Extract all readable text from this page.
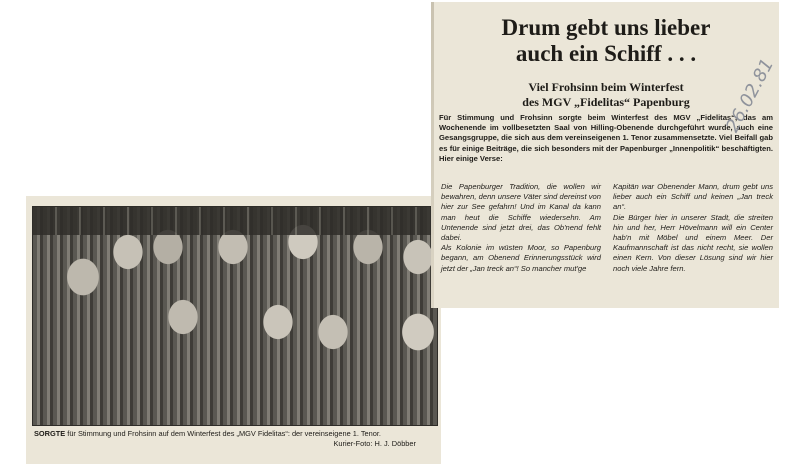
SORGTE für Stimmung und Frohsinn auf dem Winterfest des „MGV Fidelitas“: der vereinseigene 1. Tenor.
Kurier-Foto: H. J. Döbber
Drum gebt uns lieber
auch ein Schiff . . .
Viel Frohsinn beim Winterfest
des MGV „Fidelitas“ Papenburg
Für Stimmung und Frohsinn sorgte beim Winterfest des MGV „Fidelitas“, das am Wochenende im vollbesetzten Saal von Hilling-Obenende durchgeführt wurde, auch eine Gesangsgruppe, die sich aus dem vereinseigenen 1. Tenor zusammensetzte. Viel Beifall gab es für einige Beiträge, die sich besonders mit der Papenburger „Innenpolitik“ beschäftigten. Hier einige Verse:

Die Papenburger Tradition, die wollen wir bewahren, denn unsere Väter sind dereinst von hier zur See gefahrn! Und im Kanal da kann man heut die Schiffe wiedersehn. Am Untenende sind jetzt drei, das Ob'nend fehlt dabei.

Als Kolonie im wüsten Moor, so Papenburg begann, am Obenend Erinnerungsstück wird jetzt der „Jan treck an“! So mancher mut'ge

Kapitän war Obenender Mann, drum gebt uns lieber auch ein Schiff und keinen „Jan treck an“.

Die Bürger hier in unserer Stadt, die streiten hin und her, Herr Hövelmann will ein Center hab'n mit Möbel und einem Meer. Der Kaufmannschaft ist das nicht recht, sie wollen einen Kern. Von dieser Lösung sind wir hier noch viele Jahre fern.

26.02.81
